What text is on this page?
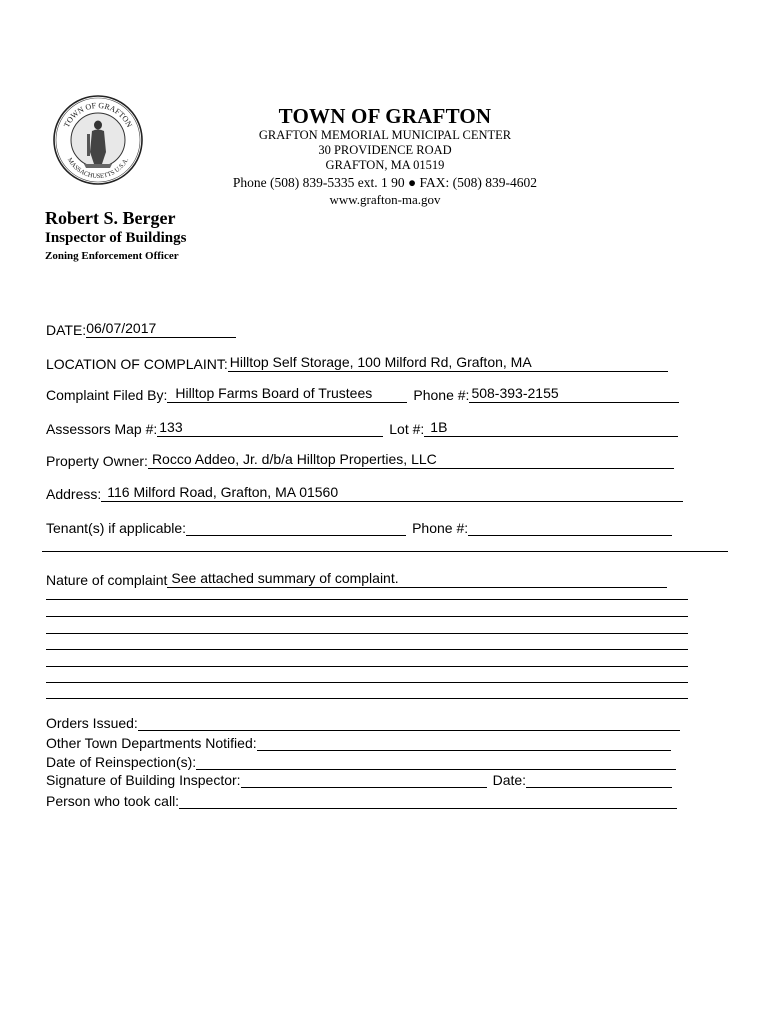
TOWN OF GRAFTON
MASSACHUSETTS U.S.A.
TOWN OF GRAFTON
GRAFTON MEMORIAL MUNICIPAL CENTER
30 PROVIDENCE ROAD
GRAFTON, MA 01519
Phone (508) 839-5335 ext. 1 90 ● FAX: (508) 839-4602
www.grafton-ma.gov
Robert S. Berger
Inspector of Buildings
Zoning Enforcement Officer
DATE: 06/07/2017
LOCATION OF COMPLAINT: Hilltop Self Storage, 100 Milford Rd, Grafton, MA
Complaint Filed By: Hilltop Farms Board of Trustees	Phone #: 508-393-2155
Assessors Map #: 133	Lot #: 1B
Property Owner: Rocco Addeo, Jr. d/b/a Hilltop Properties, LLC
Address: 116 Milford Road, Grafton, MA 01560
Tenant(s) if applicable:	Phone #:
Nature of complaint See attached summary of complaint.
Orders Issued:
Other Town Departments Notified:
Date of Reinspection(s):
Signature of Building Inspector:	Date:
Person who took call:
